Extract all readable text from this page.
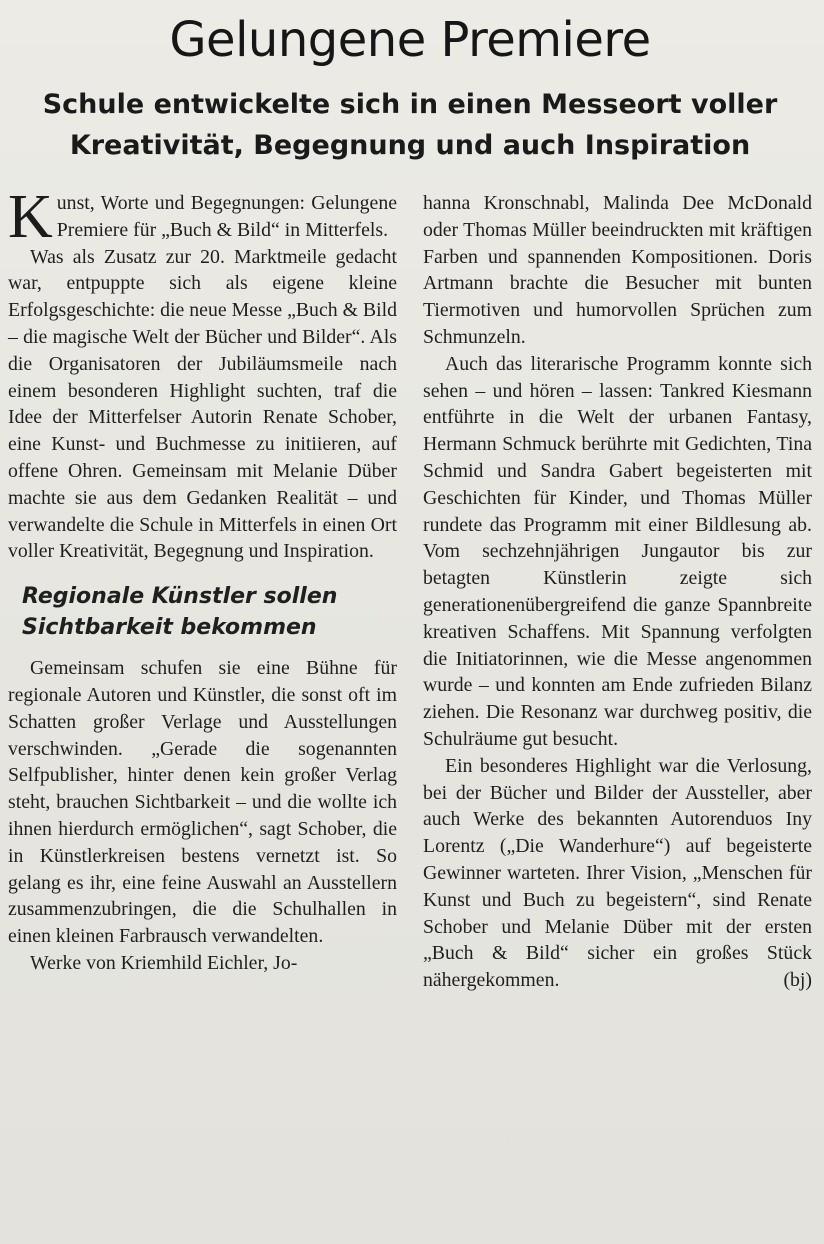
Gelungene Premiere
Schule entwickelte sich in einen Messeort voller Kreativität, Begegnung und auch Inspiration

Kunst, Worte und Begegnungen: Gelungene Premiere für „Buch & Bild“ in Mitterfels.

Was als Zusatz zur 20. Marktmeile gedacht war, entpuppte sich als eigene kleine Erfolgsgeschichte: die neue Messe „Buch & Bild – die magische Welt der Bücher und Bilder“. Als die Organisatoren der Jubiläumsmeile nach einem besonderen Highlight suchten, traf die Idee der Mitterfelser Autorin Renate Schober, eine Kunst- und Buchmesse zu initiieren, auf offene Ohren. Gemeinsam mit Melanie Düber machte sie aus dem Gedanken Realität – und verwandelte die Schule in Mitterfels in einen Ort voller Kreativität, Begegnung und Inspiration.

Regionale Künstler sollen Sichtbarkeit bekommen

Gemeinsam schufen sie eine Bühne für regionale Autoren und Künstler, die sonst oft im Schatten großer Verlage und Ausstellungen verschwinden. „Gerade die sogenannten Selfpublisher, hinter denen kein großer Verlag steht, brauchen Sichtbarkeit – und die wollte ich ihnen hierdurch ermöglichen“, sagt Schober, die in Künstlerkreisen bestens vernetzt ist. So gelang es ihr, eine feine Auswahl an Ausstellern zusammenzubringen, die die Schulhallen in einen kleinen Farbrausch verwandelten.

Werke von Kriemhild Eichler, Jo-

hanna Kronschnabl, Malinda Dee McDonald oder Thomas Müller beeindruckten mit kräftigen Farben und spannenden Kompositionen. Doris Artmann brachte die Besucher mit bunten Tiermotiven und humorvollen Sprüchen zum Schmunzeln.

Auch das literarische Programm konnte sich sehen – und hören – lassen: Tankred Kiesmann entführte in die Welt der urbanen Fantasy, Hermann Schmuck berührte mit Gedichten, Tina Schmid und Sandra Gabert begeisterten mit Geschichten für Kinder, und Thomas Müller rundete das Programm mit einer Bildlesung ab. Vom sechzehnjährigen Jungautor bis zur betagten Künstlerin zeigte sich generationenübergreifend die ganze Spannbreite kreativen Schaffens. Mit Spannung verfolgten die Initiatorinnen, wie die Messe angenommen wurde – und konnten am Ende zufrieden Bilanz ziehen. Die Resonanz war durchweg positiv, die Schulräume gut besucht.

Ein besonderes Highlight war die Verlosung, bei der Bücher und Bilder der Aussteller, aber auch Werke des bekannten Autorenduos Iny Lorentz („Die Wanderhure“) auf begeisterte Gewinner warteten. Ihrer Vision, „Menschen für Kunst und Buch zu begeistern“, sind Renate Schober und Melanie Düber mit der ersten „Buch & Bild“ sicher ein großes Stück nähergekommen.	(bj)
